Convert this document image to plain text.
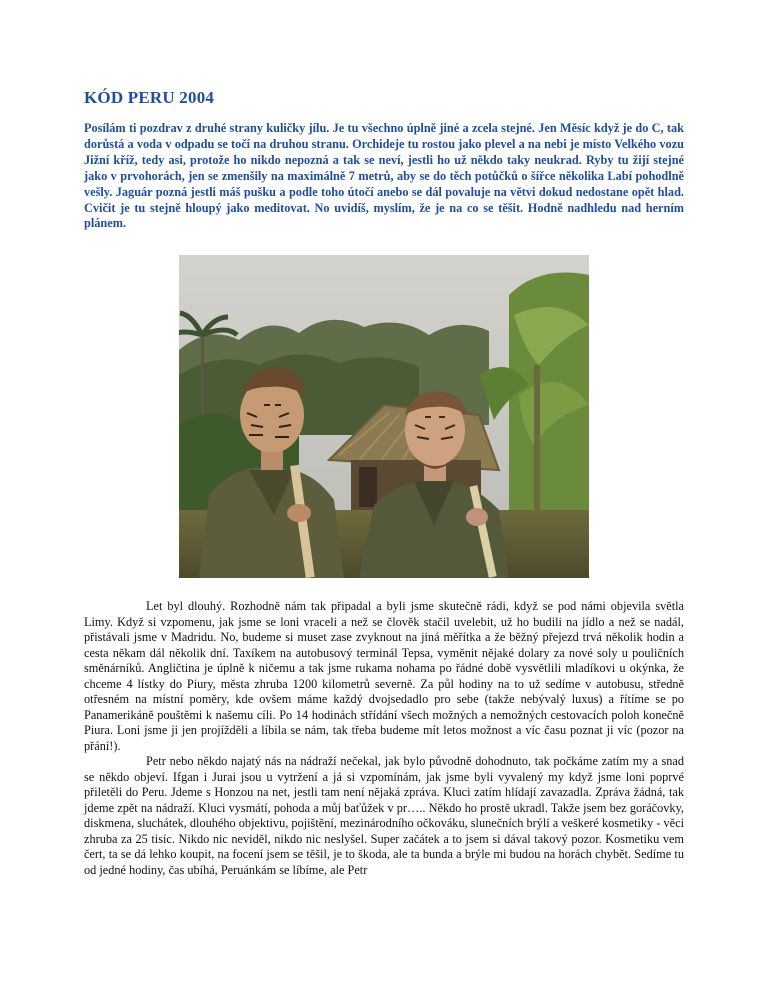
KÓD PERU 2004

Posílám ti pozdrav z druhé strany kuličky jílu. Je tu všechno úplně jiné a zcela stejné. Jen Měsíc když je do C, tak dorůstá a voda v odpadu se točí na druhou stranu. Orchideje tu rostou jako plevel a na nebi je místo Velkého vozu Jižní kříž, tedy asi, protože ho nikdo nepozná a tak se neví, jestli ho už někdo taky neukrad. Ryby tu žijí stejné jako v prvohorách, jen se zmenšily na maximálně 7 metrů, aby se do těch potůčků o šířce několika Labí pohodlně vešly. Jaguár pozná jestli máš pušku a podle toho útočí anebo se dál povaluje na větvi dokud nedostane opět hlad. Cvičit je tu stejně hloupý jako meditovat. No uvidíš, myslím, že je na co se těšit. Hodně nadhledu nad herním plánem.

Let byl dlouhý. Rozhodně nám tak připadal a byli jsme skutečně rádi, když se pod námi objevila světla Limy. Když si vzpomenu, jak jsme se loni vraceli a než se člověk stačil uvelebit, už ho budili na jídlo a než se nadál, přistávali jsme v Madridu. No, budeme si muset zase zvyknout na jiná měřítka a že běžný přejezd trvá několik hodin a cesta někam dál několik dní. Taxíkem na autobusový terminál Tepsa, vyměnit nějaké dolary za nové soly u pouličních směnárníků. Angličtina je úplně k ničemu a tak jsme rukama nohama po řádné době vysvětlili mladíkovi u okýnka, že chceme 4 lístky do Piury, města zhruba 1200 kilometrů severně. Za půl hodiny na to už sedíme v autobusu, středně otřesném na místní poměry, kde ovšem máme každý dvojsedadlo pro sebe (takže nebývalý luxus) a řítíme se po Panamerikáně pouštěmi k našemu cíli. Po 14 hodinách střídání všech možných a nemožných cestovacích poloh konečně Piura. Loni jsme ji jen projížděli a líbila se nám, tak třeba budeme mít letos možnost a víc času poznat ji víc (pozor na přání!).

Petr nebo někdo najatý nás na nádraží nečekal, jak bylo původně dohodnuto, tak počkáme zatím my a snad se někdo objeví. Ifgan i Jurai jsou u vytržení a já si vzpomínám, jak jsme byli vyvalený my když jsme loni poprvé přiletěli do Peru. Jdeme s Honzou na net, jestli tam není nějaká zpráva. Kluci zatím hlídají zavazadla. Zpráva žádná, tak jdeme zpět na nádraží. Kluci vysmátí, pohoda a můj baťůžek v pr….. Někdo ho prostě ukradl. Takže jsem bez goráčovky, diskmena, sluchátek, dlouhého objektivu, pojištění, mezinárodního očkováku, slunečních brýlí a veškeré kosmetiky - věci zhruba za 25 tisíc. Nikdo nic neviděl, nikdo nic neslyšel. Super začátek a to jsem si dával takový pozor. Kosmetiku vem čert, ta se dá lehko koupit, na focení jsem se těšil, je to škoda, ale ta bunda a brýle mi budou na horách chybět. Sedíme tu od jedné hodiny, čas ubíhá, Peruánkám se líbíme, ale Petr
